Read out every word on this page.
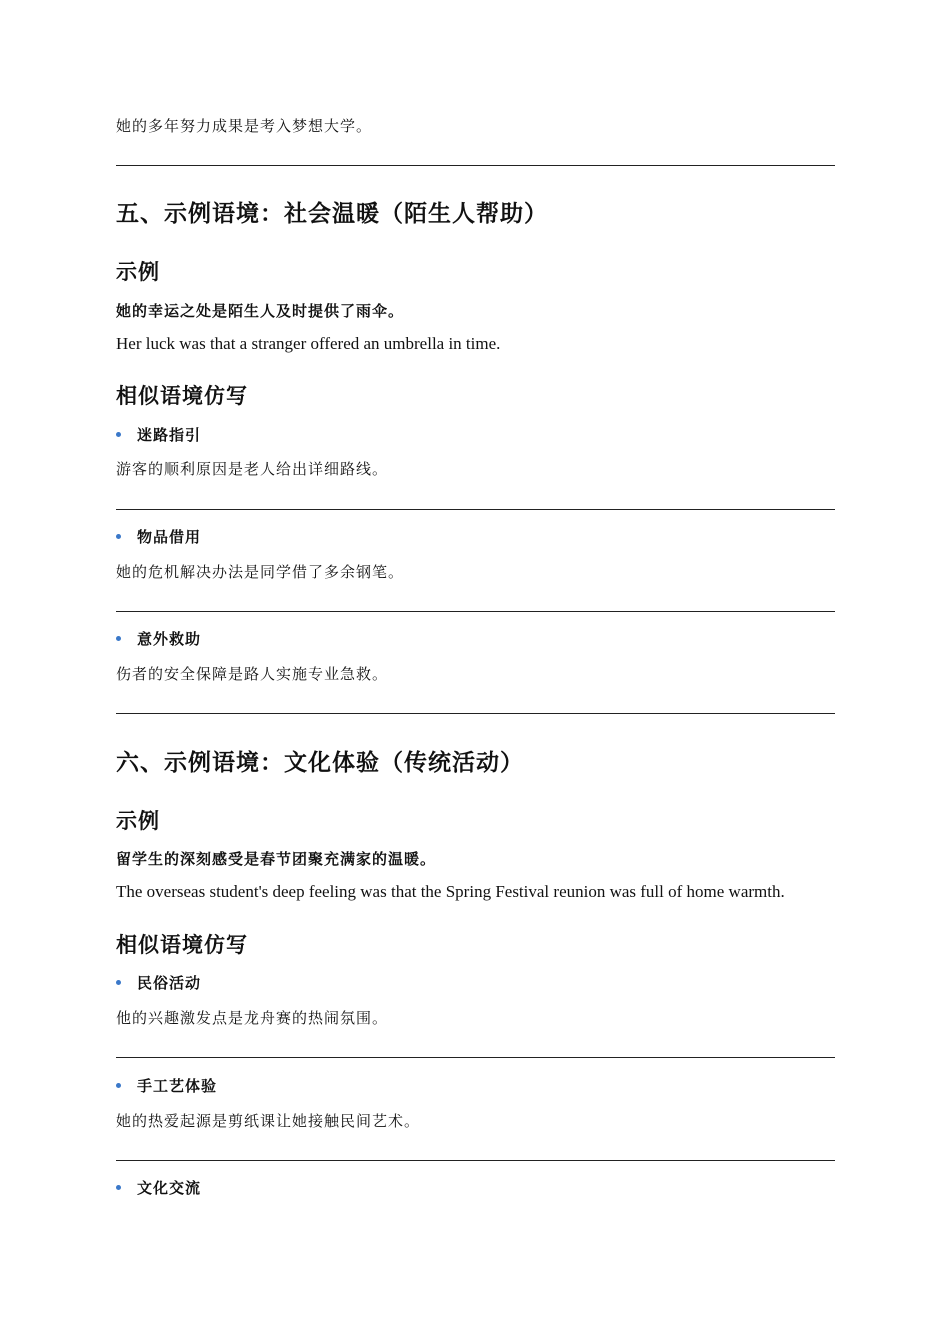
她的多年努力成果是考入梦想大学。
五、示例语境：社会温暖（陌生人帮助）
示例
她的幸运之处是陌生人及时提供了雨伞。
Her luck was that a stranger offered an umbrella in time.
相似语境仿写
迷路指引
游客的顺利原因是老人给出详细路线。
物品借用
她的危机解决办法是同学借了多余钢笔。
意外救助
伤者的安全保障是路人实施专业急救。
六、示例语境：文化体验（传统活动）
示例
留学生的深刻感受是春节团聚充满家的温暖。
The overseas student's deep feeling was that the Spring Festival reunion was full of home warmth.
相似语境仿写
民俗活动
他的兴趣激发点是龙舟赛的热闹氛围。
手工艺体验
她的热爱起源是剪纸课让她接触民间艺术。
文化交流
